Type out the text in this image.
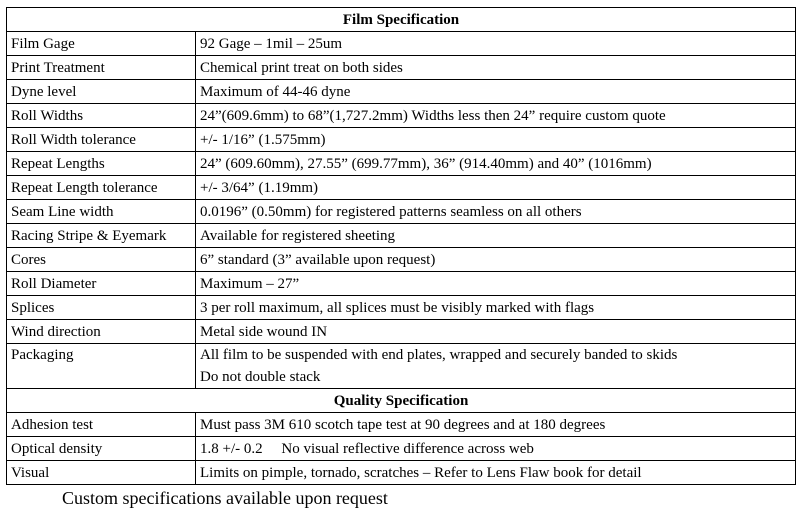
Film Specification	
Film Gage	92 Gage – 1mil – 25um
Print Treatment	Chemical print treat on both sides
Dyne level	Maximum of 44-46 dyne
Roll Widths	24”(609.6mm) to 68”(1,727.2mm) Widths less then 24” require custom quote
Roll Width tolerance	+/- 1/16” (1.575mm)
Repeat Lengths	24” (609.60mm), 27.55” (699.77mm), 36” (914.40mm) and 40” (1016mm)
Repeat Length tolerance	+/- 3/64” (1.19mm)
Seam Line width	0.0196” (0.50mm) for registered patterns seamless on all others
Racing Stripe & Eyemark	Available for registered sheeting
Cores	6” standard (3” available upon request)
Roll Diameter	Maximum – 27”
Splices	3 per roll maximum, all splices must be visibly marked with flags
Wind direction	Metal side wound IN
Packaging	All film to be suspended with end plates, wrapped and securely banded to skids
Do not double stack

Quality Specification	
Adhesion test	Must pass 3M 610 scotch tape test at 90 degrees and at 180 degrees
Optical density	1.8 +/- 0.2     No visual reflective difference across web
Visual	Limits on pimple, tornado, scratches – Refer to Lens Flaw book for detail
Custom specifications available upon request
